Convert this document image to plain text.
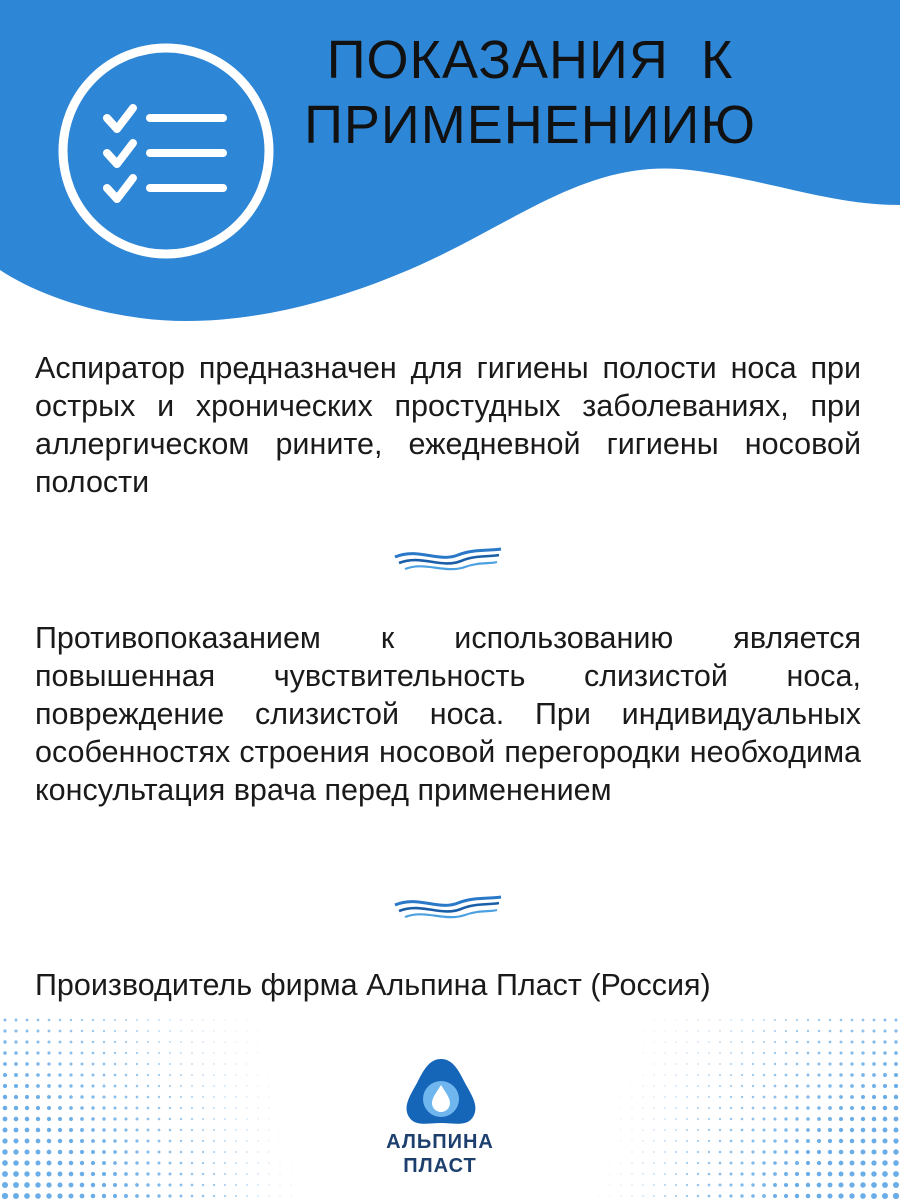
ПОКАЗАНИЯ  К
ПРИМЕНЕНИИЮ

Аспиратор предназначен для гигиены полости носа при острых и хронических простудных заболеваниях, при аллергическом рините, ежедневной гигиены носовой полости

Противопоказанием к использованию является повышенная чувствительность слизистой носа, повреждение слизистой носа. При индивидуальных особенностях строения носовой перегородки необходима консультация врача перед применением

Производитель фирма Альпина Пласт (Россия)

АЛЬПИНА
ПЛАСТ
